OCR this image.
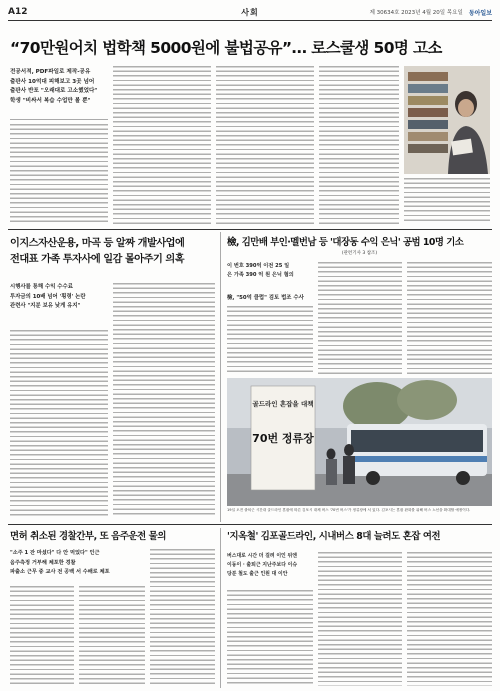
A12	사회	제 30634호 2023년 4월 20일 목요일 동아일보
“70만원어치 법학책 5000원에 불법공유”… 로스쿨생 50명 고소
전공서적, PDF파일로 제작-공유
출판사 10억대 피해보고 3곳 넘어
출판사 반포 "오래대로 고소했었다"
학생 "비싸서 복습 수업만 볼 뿐"
이지스자산운용, 마곡 등 알짜 개발사업에
전대표 가족 투자사에 일감 몰아주기 의혹
시행사를 통해 수익 수수료
투자금의 10배 넘어 '횡령' 논란
관련사 "지분 보유 낮게 유지"
檢, 김만배 부인·멜번남 등 '대장동 수익 은닉' 공범 10명 기소
(관련기사 3 참조)
이 번호 390억 이전 25 일
은 가족 390 억 원 은닉 혐의
檢, "50억 클럽" 검토 법조 수사
골드라인 혼잡을 대책
70번 정류장
19일 오전 출퇴근 시간대 골드라인 혼잡에 따른 김포시 대체 버스 '70번 버스'가 정류장에 서 있다. 김포시는 혼잡 완화를 위해 버스 노선을 확대할 예정이다.
면허 취소된 경찰간부, 또 음주운전 물의
"소주 1 잔 마셨다" 다 안 먹었다" 인근
음주측정 거부해 체포한 경찰
파출소 근무 중 교사 전 공백 서 수배로 체포
'지옥철' 김포골드라인, 시내버스 8대 늘려도 혼잡 여전
버스대로 시간 더 걸려 이인 뒤엔
이동이 · 출퇴근 지난주보다 이슈
당분 철도 출근 인원 대 이안
